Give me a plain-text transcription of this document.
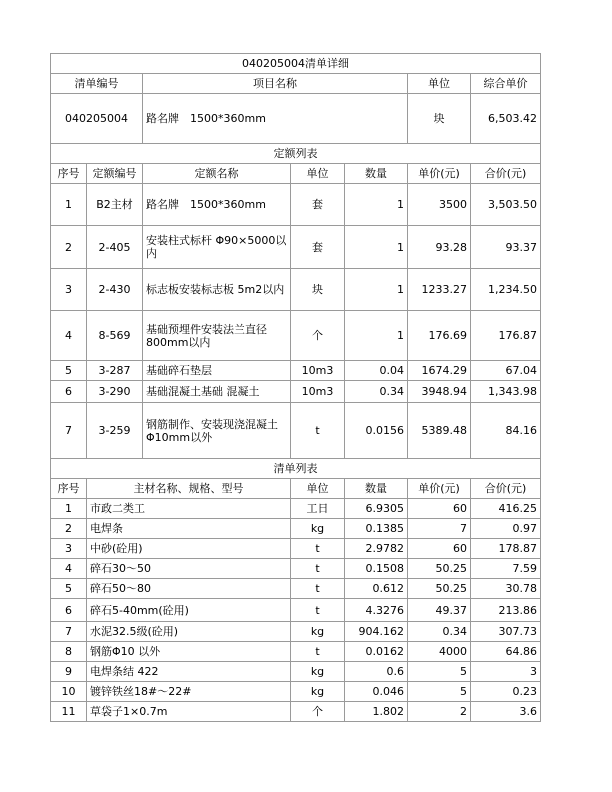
040205004清单详细						
清单编号		项目名称			单位	综合单价
040205004		路名牌　1500*360mm			块	6,503.42
定额列表						
序号	定额编号	定额名称	单位	数量	单价(元)	合价(元)
1	B2主材	路名牌　1500*360mm	套	1	3500	3,503.50
2	2-405	安装柱式标杆 Φ90×5000以内	套	1	93.28	93.37
3	2-430	标志板安装标志板 5m2以内	块	1	1233.27	1,234.50
4	8-569	基础预埋件安装法兰直径800mm以内	个	1	176.69	176.87
5	3-287	基础碎石垫层	10m3	0.04	1674.29	67.04
6	3-290	基础混凝土基础 混凝土	10m3	0.34	3948.94	1,343.98
7	3-259	钢筋制作、安装现浇混凝土Φ10mm以外	t	0.0156	5389.48	84.16
清单列表						
序号	主材名称、规格、型号		单位	数量	单价(元)	合价(元)
1	市政二类工		工日	6.9305	60	416.25
2	电焊条		kg	0.1385	7	0.97
3	中砂(砼用)		t	2.9782	60	178.87
4	碎石30～50		t	0.1508	50.25	7.59
5	碎石50～80		t	0.612	50.25	30.78
6	碎石5-40mm(砼用)		t	4.3276	49.37	213.86
7	水泥32.5级(砼用)		kg	904.162	0.34	307.73
8	钢筋Φ10 以外		t	0.0162	4000	64.86
9	电焊条结 422		kg	0.6	5	3
10	镀锌铁丝18#～22#		kg	0.046	5	0.23
11	草袋子1×0.7m		个	1.802	2	3.6
